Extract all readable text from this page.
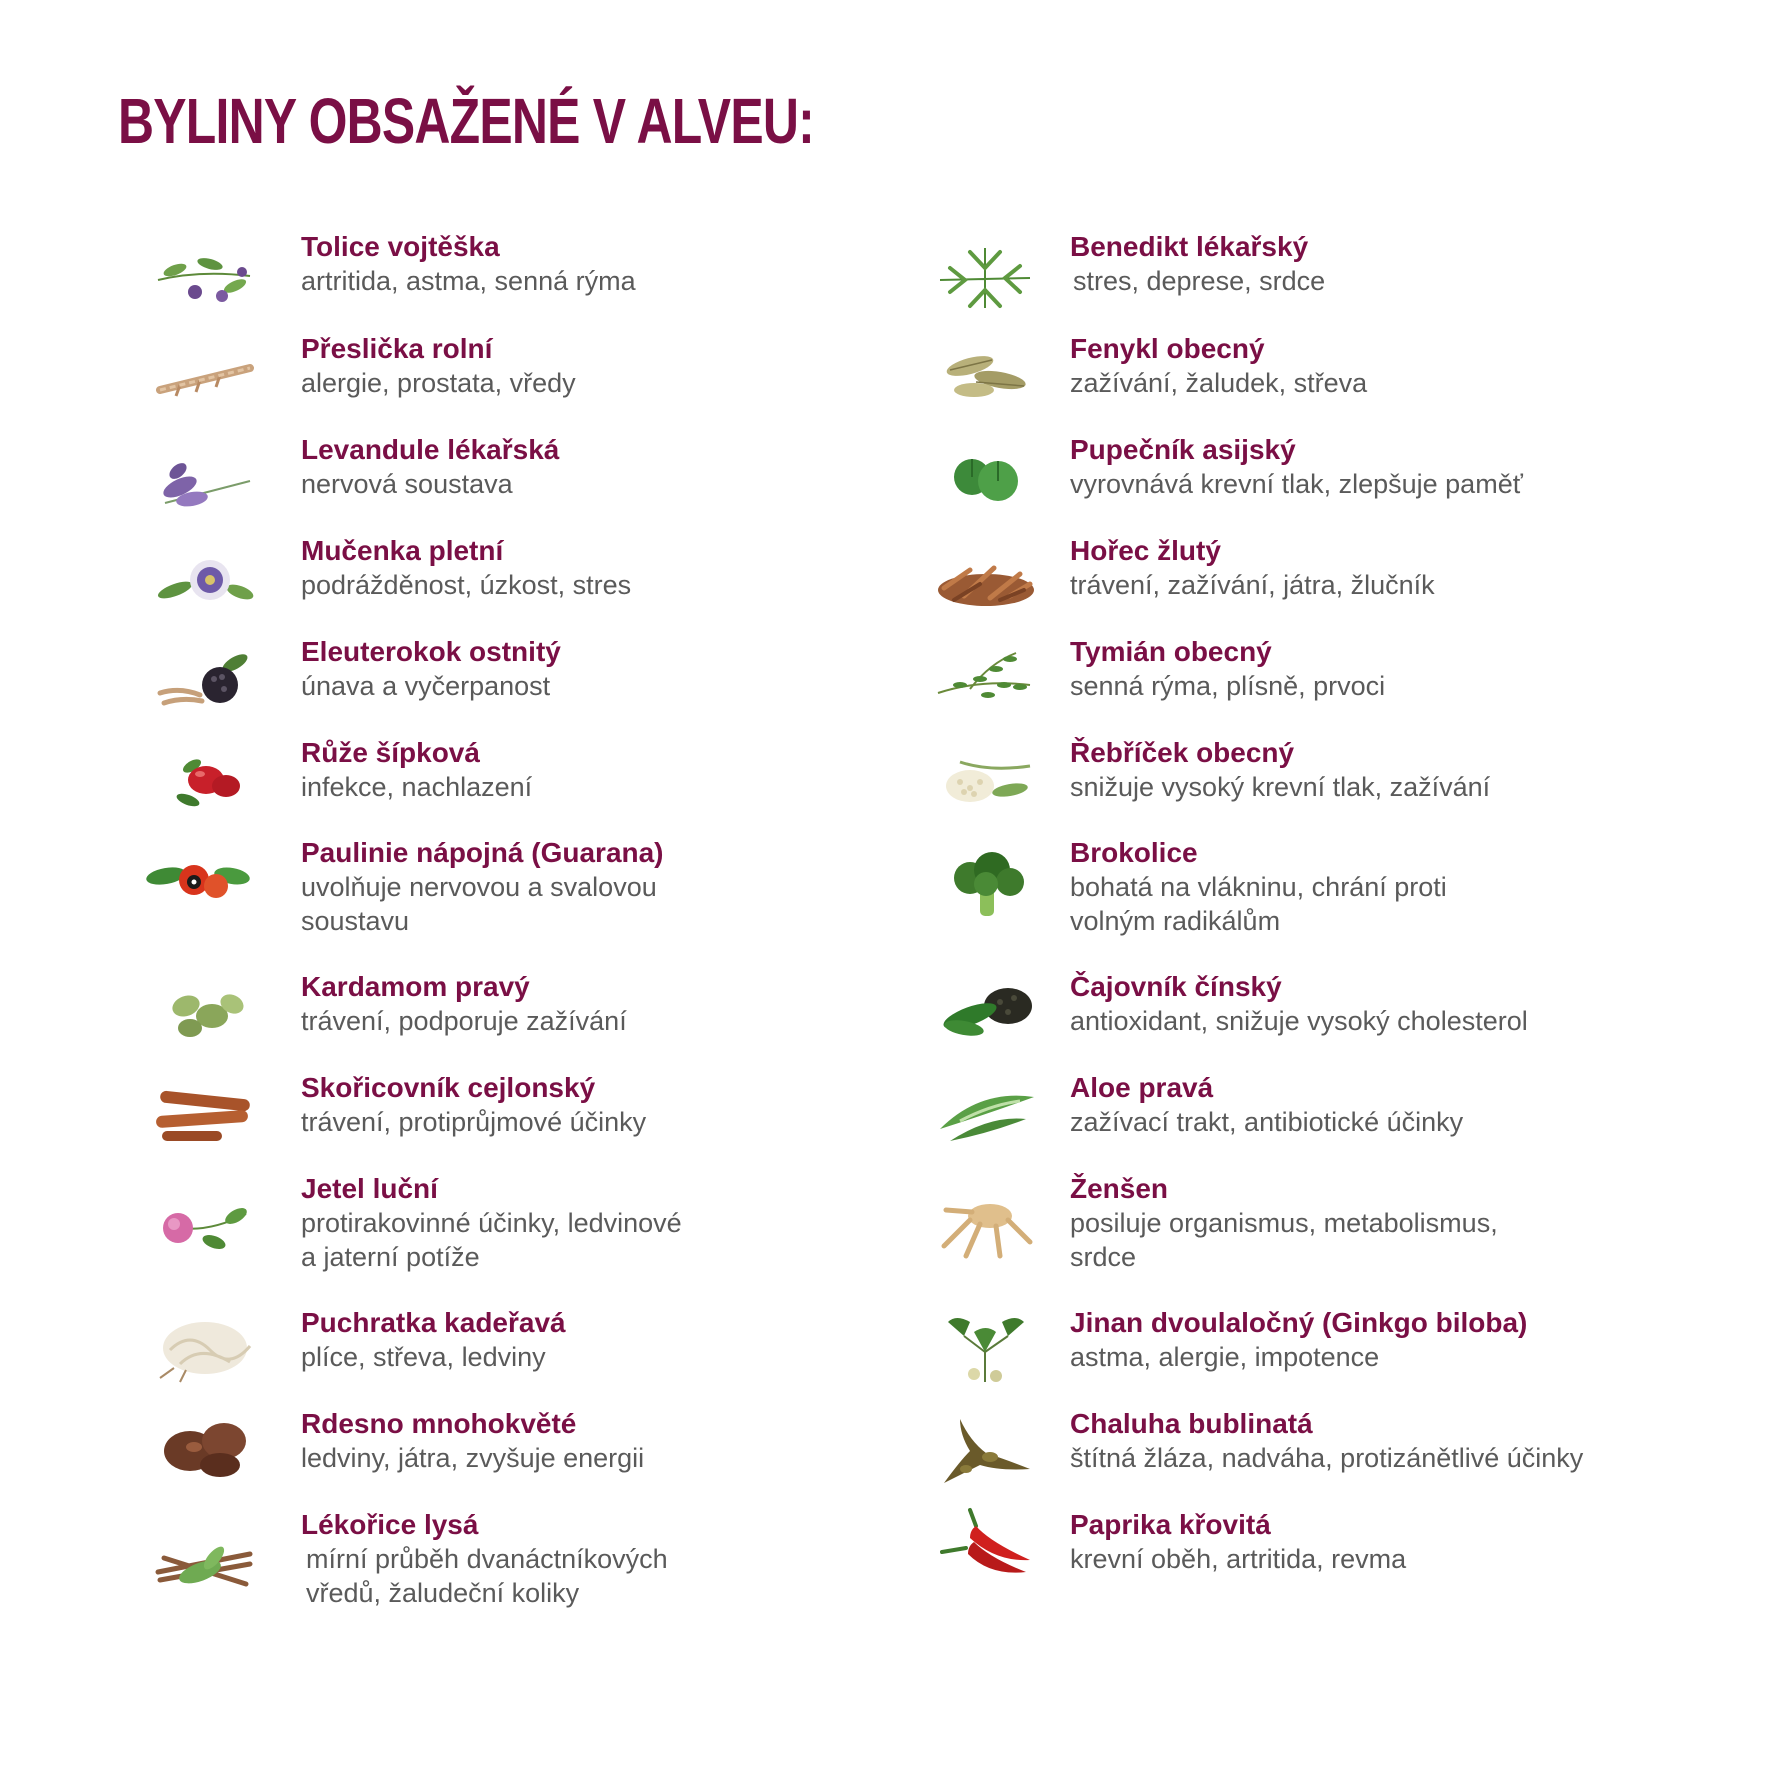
BYLINY OBSAŽENÉ V ALVEU:
Tolice vojtěška
artritida, astma, senná rýma
Přeslička rolní
alergie, prostata, vředy
Levandule lékařská
nervová soustava
Mučenka pletní
podrážděnost, úzkost, stres
Eleuterokok ostnitý
únava a vyčerpanost
Růže šípková
infekce, nachlazení
Paulinie nápojná (Guarana)
uvolňuje nervovou a svalovou
soustavu
Kardamom pravý
trávení, podporuje zažívání
Skořicovník cejlonský
trávení, protiprůjmové účinky
Jetel luční
protirakovinné účinky, ledvinové
a jaterní potíže
Puchratka kadeřavá
plíce, střeva, ledviny
Rdesno mnohokvěté
ledviny, játra, zvyšuje energii
Lékořice lysá
mírní průběh dvanáctníkových
vředů, žaludeční koliky
Benedikt lékařský
stres, deprese, srdce
Fenykl obecný
zažívání, žaludek, střeva
Pupečník asijský
vyrovnává krevní tlak, zlepšuje paměť
Hořec žlutý
trávení, zažívání, játra, žlučník
Tymián obecný
senná rýma, plísně, prvoci
Řebříček obecný
snižuje vysoký krevní tlak, zažívání
Brokolice
bohatá na vlákninu, chrání proti
volným radikálům
Čajovník čínský
antioxidant, snižuje vysoký cholesterol
Aloe pravá
zažívací trakt, antibiotické účinky
Ženšen
posiluje organismus, metabolismus,
srdce
Jinan dvoulaločný (Ginkgo biloba)
astma, alergie, impotence
Chaluha bublinatá
štítná žláza, nadváha, protizánětlivé účinky
Paprika křovitá
krevní oběh, artritida, revma
